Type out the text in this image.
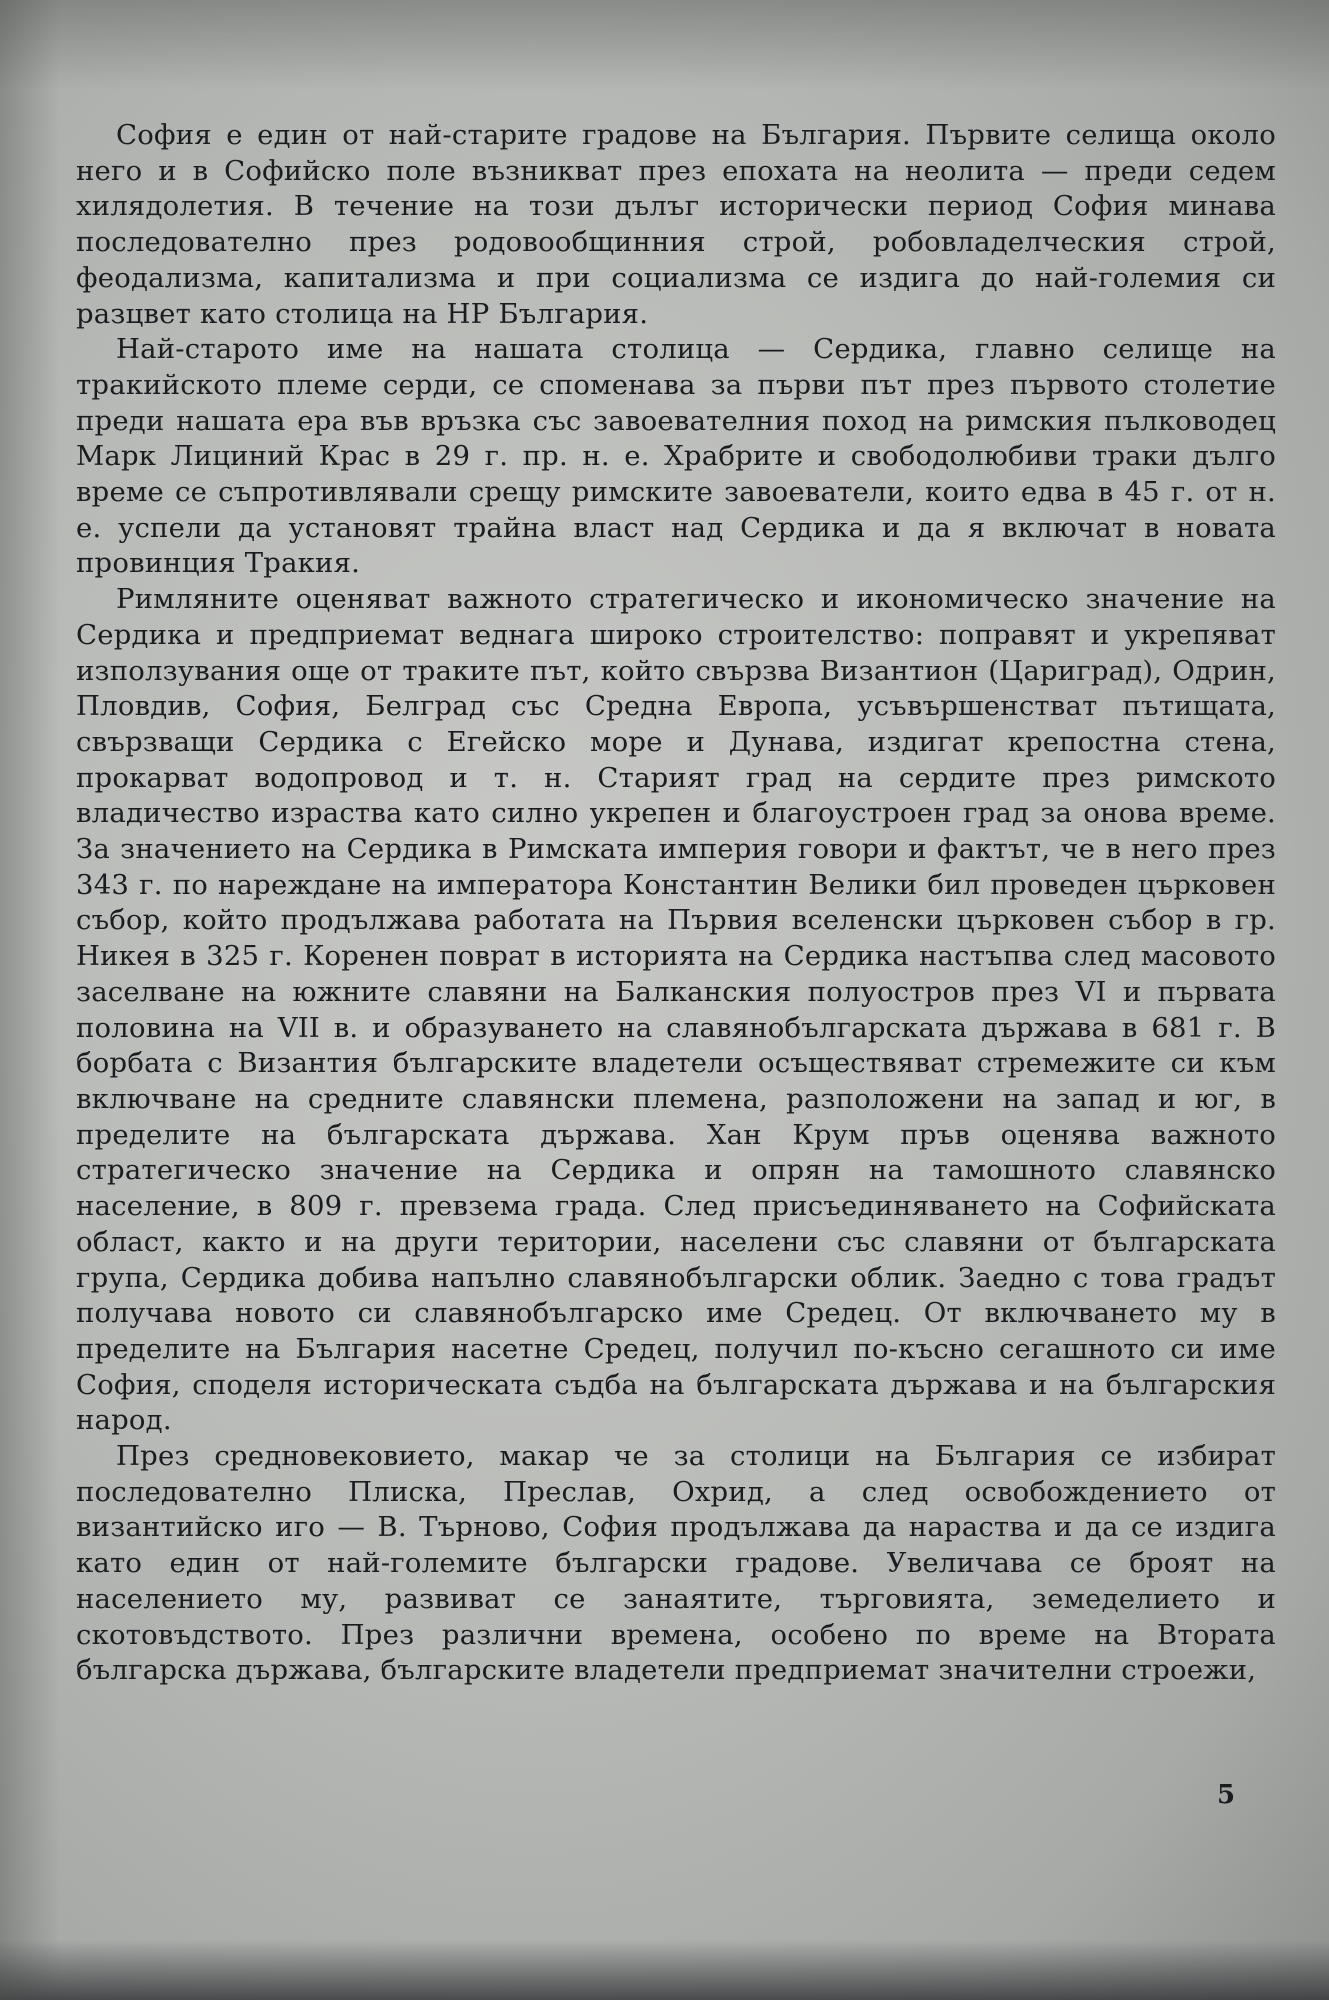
София е един от най-старите градове на България. Първите селища около него и в Софийско поле възникват през епохата на неолита — преди седем хилядолетия. В течение на този дълъг исторически период София минава последователно през родовообщинния строй, робовладелческия строй, феодализма, капитализма и при социализма се издига до най-големия си разцвет като столица на НР България.

Най-старото име на нашата столица — Сердика, главно селище на тракийското племе серди, се споменава за първи път през първото столетие преди нашата ера във връзка със завоевателния поход на римския пълководец Марк Лициний Крас в 29 г. пр. н. е. Храбрите и свободолюбиви траки дълго време се съпротивлявали срещу римските завоеватели, които едва в 45 г. от н. е. успели да установят трайна власт над Сердика и да я включат в новата провинция Тракия.

Римляните оценяват важното стратегическо и икономическо значение на Сердика и предприемат веднага широко строителство: поправят и укрепяват използувания още от траките път, който свързва Византион (Цариград), Одрин, Пловдив, София, Белград със Средна Европа, усъвършенстват пътищата, свързващи Сердика с Егейско море и Дунава, издигат крепостна стена, прокарват водопровод и т. н. Старият град на сердите през римското владичество израства като силно укрепен и благоустроен град за онова време. За значението на Сердика в Римската империя говори и фактът, че в него през 343 г. по нареждане на императора Константин Велики бил проведен църковен събор, който продължава работата на Първия вселенски църковен събор в гр. Никея в 325 г. Коренен поврат в историята на Сердика настъпва след масовото заселване на южните славяни на Балканския полуостров през VI и първата половина на VII в. и образуването на славянобългарската държава в 681 г. В борбата с Византия българските владетели осъществяват стремежите си към включване на средните славянски племена, разположени на запад и юг, в пределите на българската държава. Хан Крум пръв оценява важното стратегическо значение на Сердика и опрян на тамошното славянско население, в 809 г. превзема града. След присъединяването на Софийската област, както и на други територии, населени със славяни от българската група, Сердика добива напълно славянобългарски облик. Заедно с това градът получава новото си славянобългарско име Средец. От включването му в пределите на България насетне Средец, получил по-късно сегашното си име София, споделя историческата съдба на българската държава и на българския народ.

През средновековието, макар че за столици на България се избират последователно Плиска, Преслав, Охрид, а след освобождението от византийско иго — В. Търново, София продължава да нараства и да се издига като един от най-големите български градове. Увеличава се броят на населението му, развиват се занаятите, търговията, земеделието и скотовъдството. През различни времена, особено по време на Втората българска държава, българските владетели предприемат значителни строежи,

5
